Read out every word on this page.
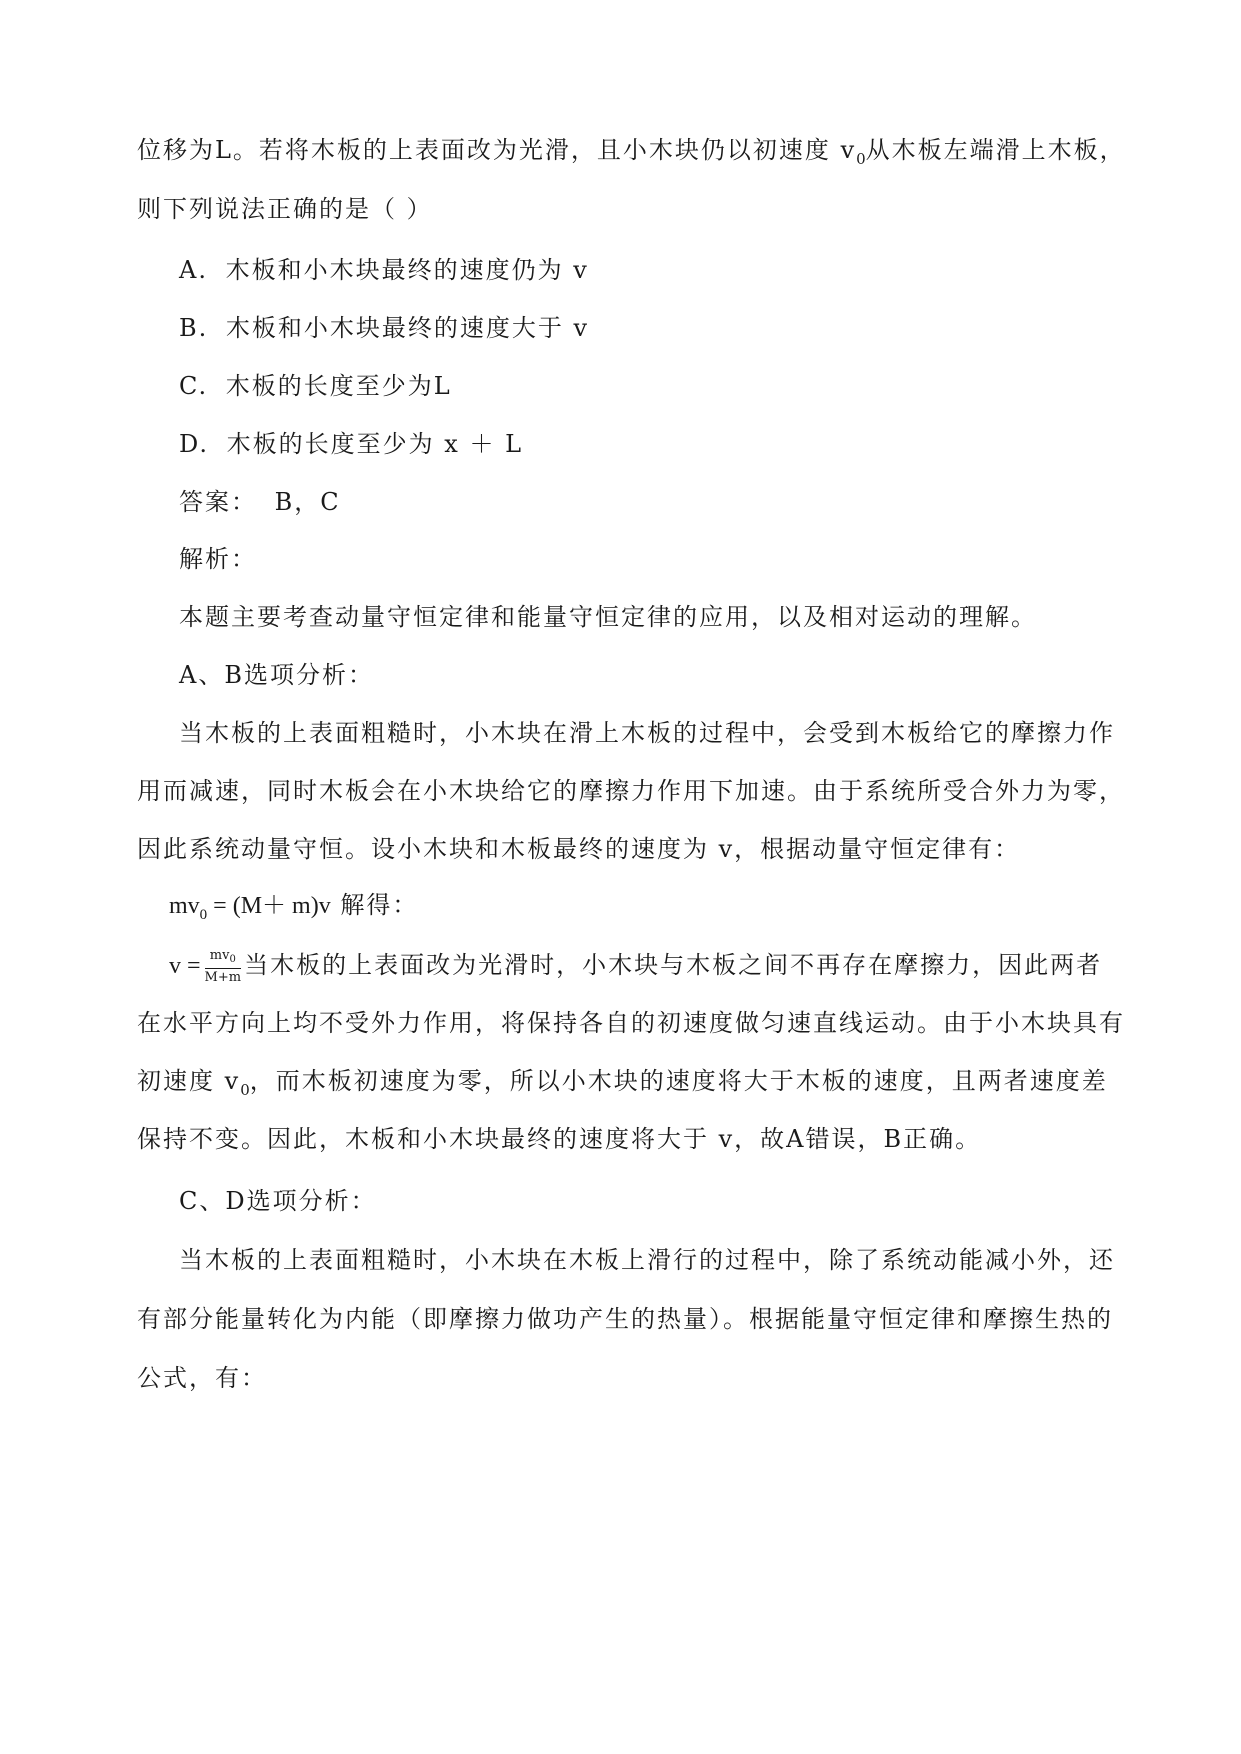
位移为L。若将木板的上表面改为光滑，且小木块仍以初速度 $v_0$从木板左端滑上木板，
则下列说法正确的是（ ）
A. 木板和小木块最终的速度仍为 v
B. 木板和小木块最终的速度大于 v
C. 木板的长度至少为L
D. 木板的长度至少为 x ＋ L
答案： B，C
解析：
本题主要考查动量守恒定律和能量守恒定律的应用，以及相对运动的理解。
A、B选项分析：
当木板的上表面粗糙时，小木块在滑上木板的过程中，会受到木板给它的摩擦力作
用而减速，同时木板会在小木块给它的摩擦力作用下加速。由于系统所受合外力为零，
因此系统动量守恒。设小木块和木板最终的速度为 v，根据动量守恒定律有：
$mv_0 = (M+ m)v$ 解得：
$v = \frac{mv_0}{M+m}$ 当木板的上表面改为光滑时，小木块与木板之间不再存在摩擦力，因此两者
在水平方向上均不受外力作用，将保持各自的初速度做匀速直线运动。由于小木块具有
初速度 $v_0$，而木板初速度为零，所以小木块的速度将大于木板的速度，且两者速度差
保持不变。因此，木板和小木块最终的速度将大于 v，故A错误，B正确。
C、D选项分析：
当木板的上表面粗糙时，小木块在木板上滑行的过程中，除了系统动能减小外，还
有部分能量转化为内能（即摩擦力做功产生的热量）。根据能量守恒定律和摩擦生热的
公式，有：
